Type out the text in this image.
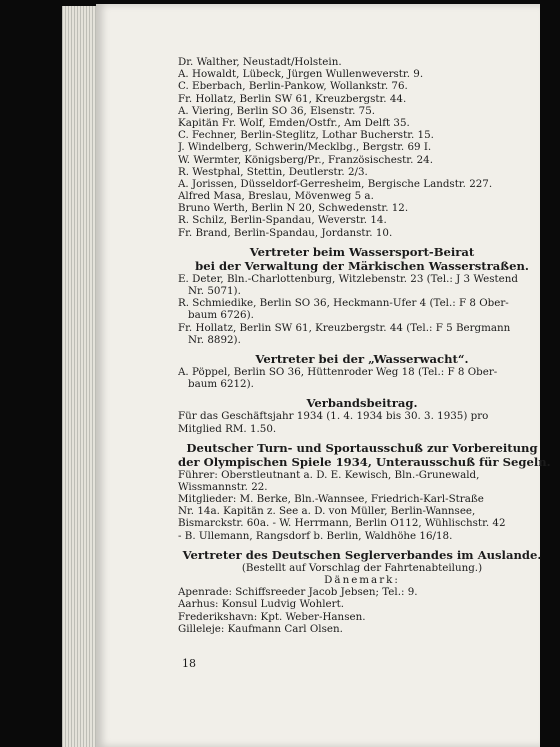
Dr. Walther, Neustadt/Holstein.
A. Howaldt, Lübeck, Jürgen Wullenweverstr. 9.
C. Eberbach, Berlin-Pankow, Wollankstr. 76.
Fr. Hollatz, Berlin SW 61, Kreuzbergstr. 44.
A. Viering, Berlin SO 36, Elsenstr. 75.
Kapitän Fr. Wolf, Emden/Ostfr., Am Delft 35.
C. Fechner, Berlin-Steglitz, Lothar Bucherstr. 15.
J. Windelberg, Schwerin/Mecklbg., Bergstr. 69 I.
W. Wermter, Königsberg/Pr., Französischestr. 24.
R. Westphal, Stettin, Deutlerstr. 2/3.
A. Jorissen, Düsseldorf-Gerresheim, Bergische Landstr. 227.
Alfred Masa, Breslau, Mövenweg 5 a.
Bruno Werth, Berlin N 20, Schwedenstr. 12.
R. Schilz, Berlin-Spandau, Weverstr. 14.
Fr. Brand, Berlin-Spandau, Jordanstr. 10.
Vertreter beim Wassersport-Beirat
bei der Verwaltung der Märkischen Wasserstraßen.
E. Deter, Bln.-Charlottenburg, Witzlebenstr. 23 (Tel.: J 3 Westend
Nr. 5071).
R. Schmiedike, Berlin SO 36, Heckmann-Ufer 4 (Tel.: F 8 Ober-
baum 6726).
Fr. Hollatz, Berlin SW 61, Kreuzbergstr. 44 (Tel.: F 5 Bergmann
Nr. 8892).
Vertreter bei der „Wasserwacht“.
A. Pöppel, Berlin SO 36, Hüttenroder Weg 18 (Tel.: F 8 Ober-
baum 6212).
Verbandsbeitrag.
Für das Geschäftsjahr 1934 (1. 4. 1934 bis 30. 3. 1935) pro
Mitglied RM. 1.50.
Deutscher Turn- und Sportausschuß zur Vorbereitung
der Olympischen Spiele 1934, Unterausschuß für Segeln.
Führer: Oberstleutnant a. D. E. Kewisch, Bln.-Grunewald,
Wissmannstr. 22.
Mitglieder: M. Berke, Bln.-Wannsee, Friedrich-Karl-Straße
Nr. 14a. Kapitän z. See a. D. von Müller, Berlin-Wannsee,
Bismarckstr. 60a. - W. Herrmann, Berlin O112, Wühlischstr. 42
- B. Ullemann, Rangsdorf b. Berlin, Waldhöhe 16/18.
Vertreter des Deutschen Seglerverbandes im Auslande.
(Bestellt auf Vorschlag der Fahrtenabteilung.)
Dänemark:
Apenrade: Schiffsreeder Jacob Jebsen; Tel.: 9.
Aarhus: Konsul Ludvig Wohlert.
Frederikshavn: Kpt. Weber-Hansen.
Gilleleje: Kaufmann Carl Olsen.
18
